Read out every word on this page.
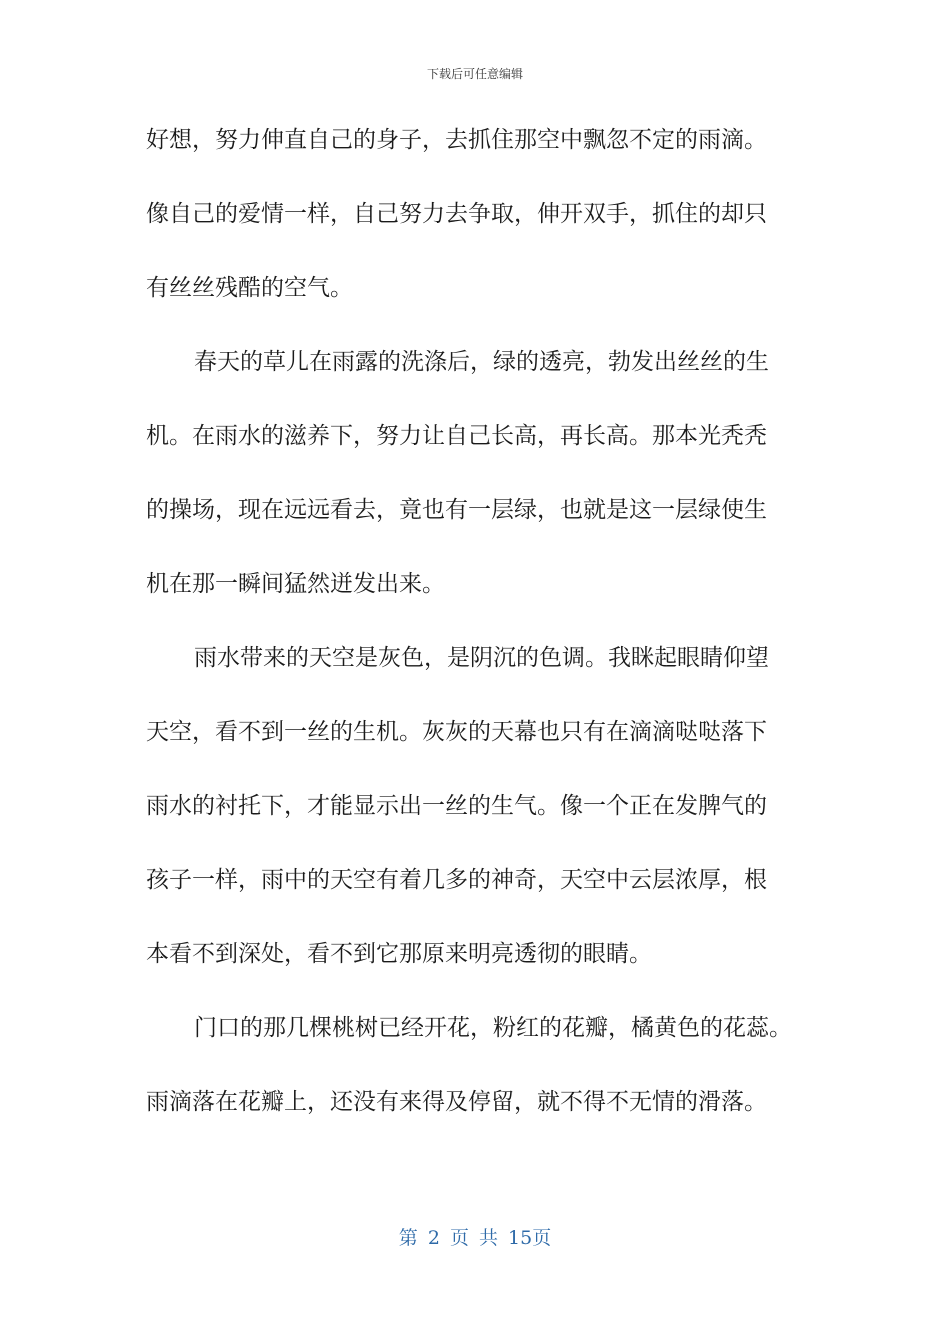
下载后可任意编辑
好想，努力伸直自己的身子，去抓住那空中飘忽不定的雨滴。
像自己的爱情一样，自己努力去争取，伸开双手，抓住的却只
有丝丝残酷的空气。
春天的草儿在雨露的洗涤后，绿的透亮，勃发出丝丝的生
机。在雨水的滋养下，努力让自己长高，再长高。那本光秃秃
的操场，现在远远看去，竟也有一层绿，也就是这一层绿使生
机在那一瞬间猛然迸发出来。
雨水带来的天空是灰色，是阴沉的色调。我眯起眼睛仰望
天空，看不到一丝的生机。灰灰的天幕也只有在滴滴哒哒落下
雨水的衬托下，才能显示出一丝的生气。像一个正在发脾气的
孩子一样，雨中的天空有着几多的神奇，天空中云层浓厚，根
本看不到深处，看不到它那原来明亮透彻的眼睛。
门口的那几棵桃树已经开花，粉红的花瓣，橘黄色的花蕊。
雨滴落在花瓣上，还没有来得及停留，就不得不无情的滑落。
第 2 页 共 15页
